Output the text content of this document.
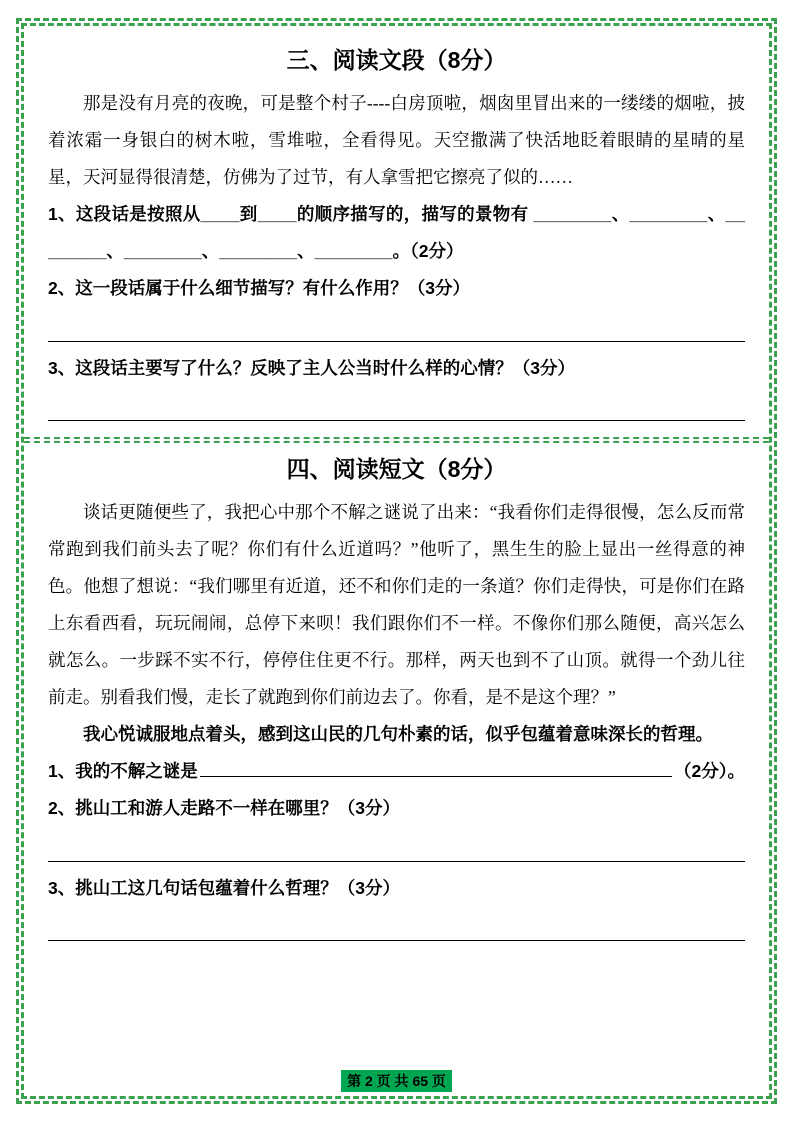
三、阅读文段（8分）

那是没有月亮的夜晚，可是整个村子----白房顶啦，烟囱里冒出来的一缕缕的烟啦，披着浓霜一身银白的树木啦，雪堆啦，全看得见。天空撒满了快活地眨着眼睛的星晴的星星，天河显得很清楚，仿佛为了过节，有人拿雪把它擦亮了似的……

1、这段话是按照从____到____的顺序描写的，描写的景物有 ________、________、________、________、________、________。（2分）

2、这一段话属于什么细节描写？有什么作用？（3分）

3、这段话主要写了什么？反映了主人公当时什么样的心情？（3分）

四、阅读短文（8分）

谈话更随便些了，我把心中那个不解之谜说了出来：“我看你们走得很慢，怎么反而常常跑到我们前头去了呢？你们有什么近道吗？”他听了，黑生生的脸上显出一丝得意的神色。他想了想说：“我们哪里有近道，还不和你们走的一条道？你们走得快，可是你们在路上东看西看，玩玩闹闹，总停下来呗！我们跟你们不一样。不像你们那么随便，高兴怎么就怎么。一步踩不实不行，停停住住更不行。那样，两天也到不了山顶。就得一个劲儿往前走。别看我们慢，走长了就跑到你们前边去了。你看，是不是这个理？”

我心悦诚服地点着头，感到这山民的几句朴素的话，似乎包蕴着意味深长的哲理。

1、我的不解之谜是	（2分）。

2、挑山工和游人走路不一样在哪里？（3分）

3、挑山工这几句话包蕴着什么哲理？（3分）

第 2 页 共 65 页
